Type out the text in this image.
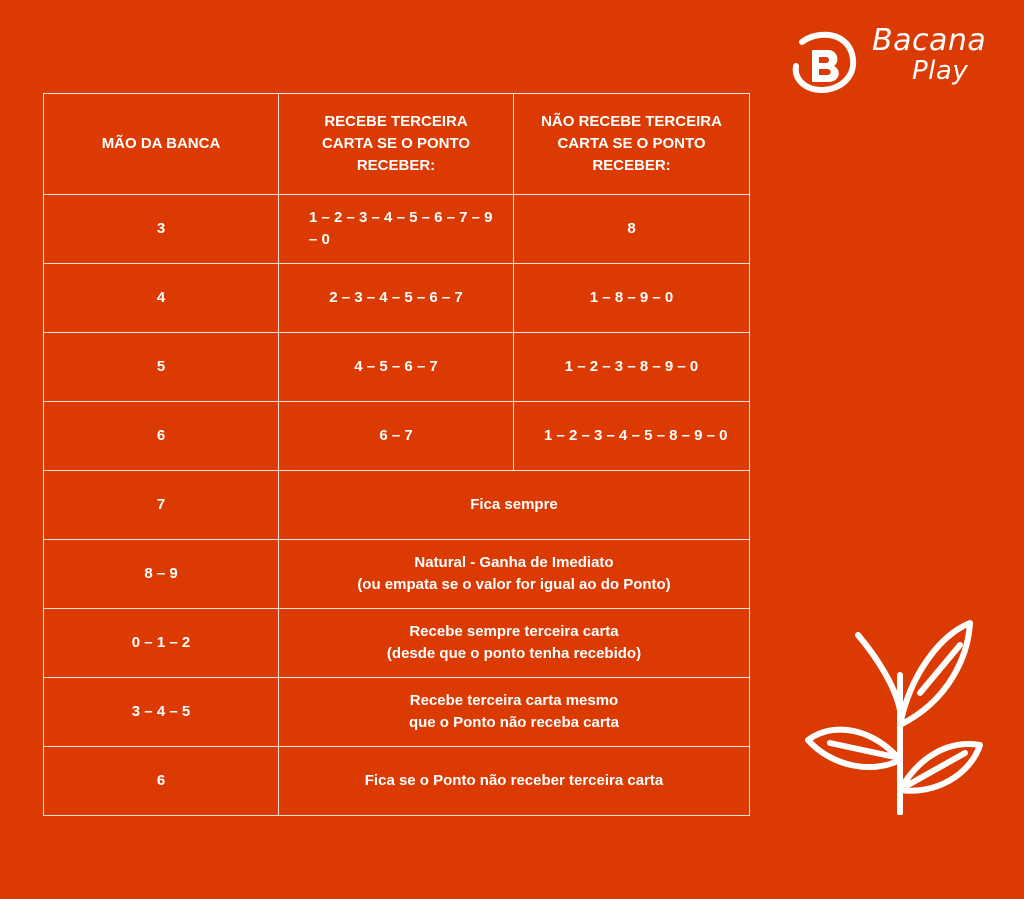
Bacana
Play
MÃO DA BANCA	RECEBE TERCEIRA CARTA SE O PONTO RECEBER:	NÃO RECEBE TERCEIRA CARTA SE O PONTO RECEBER:
3	1 – 2 – 3 – 4 – 5 – 6 – 7 – 9 – 0	8
4	2 – 3 – 4 – 5 – 6 – 7	1 – 8 – 9 – 0
5	4 – 5 – 6 – 7	1 – 2 – 3 – 8 – 9 – 0
6	6 – 7	1 – 2 – 3 – 4 – 5 – 8 – 9 – 0
7	Fica sempre	

8 – 9	Natural - Ganha de Imediato
(ou empata se o valor for igual ao do Ponto)	

0 – 1 – 2	Recebe sempre terceira carta
(desde que o ponto tenha recebido)	

3 – 4 – 5	Recebe terceira carta mesmo
que o Ponto não receba carta	

6	Fica se o Ponto não receber terceira carta	
